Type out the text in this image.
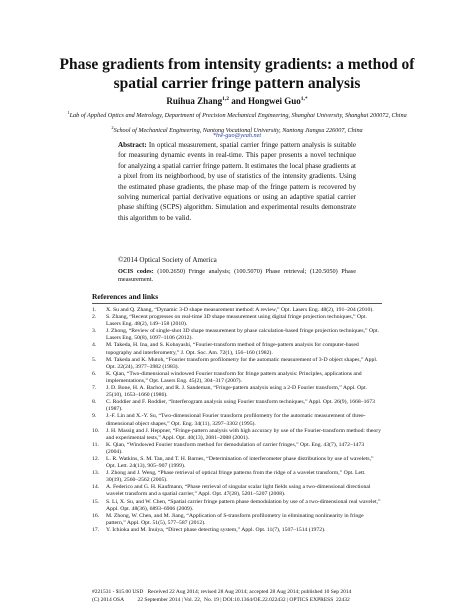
Phase gradients from intensity gradients: a method of spatial carrier fringe pattern analysis
Ruihua Zhang$^{1,2}$ and Hongwei Guo$^{1,*}$
$^1$Lab of Applied Optics and Metrology, Department of Precision Mechanical Engineering, Shanghai University, Shanghai 200072, China
$^2$School of Mechanical Engineering, Nantong Vocational University, Nantong Jiangsu 226007, China
*hw-guo@yeah.net
Abstract: In optical measurement, spatial carrier fringe pattern analysis is suitable for measuring dynamic events in real-time. This paper presents a novel technique for analyzing a spatial carrier fringe pattern. It estimates the local phase gradients at a pixel from its neighborhood, by use of statistics of the intensity gradients. Using the estimated phase gradients, the phase map of the fringe pattern is recovered by solving numerical partial derivative equations or using an adaptive spatial carrier phase shifting (SCPS) algorithm. Simulation and experimental results demonstrate this algorithm to be valid.
©2014 Optical Society of America
OCIS codes: (100.2650) Fringe analysis; (100.5070) Phase retrieval; (120.5050) Phase measurement.
References and links
1. X. Su and Q. Zhang, “Dynamic 3-D shape measurement method: A review,” Opt. Lasers Eng. 48(2), 191–204 (2010).
2. S. Zhang, “Recent progresses on real-time 3D shape measurement using digital fringe projection techniques,” Opt. Lasers Eng. 48(2), 149–158 (2010).
3. J. Zhong, “Review of single-shot 3D shape measurement by phase calculation-based fringe projection techniques,” Opt. Lasers Eng. 50(8), 1097–1106 (2012).
4. M. Takeda, H. Ina, and S. Kobayashi, “Fourier-transform method of fringe-pattern analysis for computer-based topography and interferometry,” J. Opt. Soc. Am. 72(1), 156–160 (1982).
5. M. Takeda and K. Mutoh, “Fourier transform profilometry for the automatic measurement of 3-D object shapes,” Appl. Opt. 22(24), 3977–3982 (1983).
6. K. Qian, “Two-dimensional windowed Fourier transform for fringe pattern analysis: Principles, applications and implementations,” Opt. Lasers Eng. 45(2), 304–317 (2007).
7. J. D. Bone, H. A. Bachor, and R. J. Sandeman, “Fringe-pattern analysis using a 2-D Fourier transform,” Appl. Opt. 25(10), 1653–1660 (1986).
8. C. Roddier and F. Roddier, “Interferogram analysis using Fourier transform techniques,” Appl. Opt. 26(9), 1668–1673 (1987).
9. J.-F. Lin and X.-Y. Su, “Two-dimensional Fourier transform profilometry for the automatic measurement of three-dimensional object shapes,” Opt. Eng. 34(11), 3297–3302 (1995).
10. J. H. Massig and J. Heppner, “Fringe-pattern analysis with high accuracy by use of the Fourier-transform method: theory and experimental tests,” Appl. Opt. 40(13), 2081–2088 (2001).
11. K. Qian, “Windowed Fourier transform method for demodulation of carrier fringes,” Opt. Eng. 43(7), 1472–1473 (2004).
12. L. R. Watkins, S. M. Tan, and T. H. Barnes, “Determination of interferometer phase distributions by use of wavelets,” Opt. Lett. 24(13), 905–907 (1999).
13. J. Zhong and J. Weng, “Phase retrieval of optical fringe patterns from the ridge of a wavelet transform,” Opt. Lett. 30(19), 2560–2562 (2005).
14. A. Federico and G. H. Kaufmann, “Phase retrieval of singular scalar light fields using a two-dimensional directional wavelet transform and a spatial carrier,” Appl. Opt. 47(28), 5201–5207 (2008).
15. S. Li, X. Su, and W. Chen, “Spatial carrier fringe pattern phase demodulation by use of a two-dimensional real wavelet,” Appl. Opt. 48(36), 6893–6906 (2009).
16. M. Zhong, W. Chen, and M. Jiang, “Application of S-transform profilometry in eliminating nonlinearity in fringe pattern,” Appl. Opt. 51(5), 577–587 (2012).
17. Y. Ichioka and M. Inuiya, “Direct phase detecting system,” Appl. Opt. 11(7), 1507–1514 (1972).
#221531 - $15.00 USD   Received 22 Aug 2014; revised 28 Aug 2014; accepted 28 Aug 2014; published 10 Sep 2014
(C) 2014 OSA          22 September 2014 | Vol. 22,  No. 19 | DOI:10.1364/OE.22.022432 | OPTICS EXPRESS  22432
